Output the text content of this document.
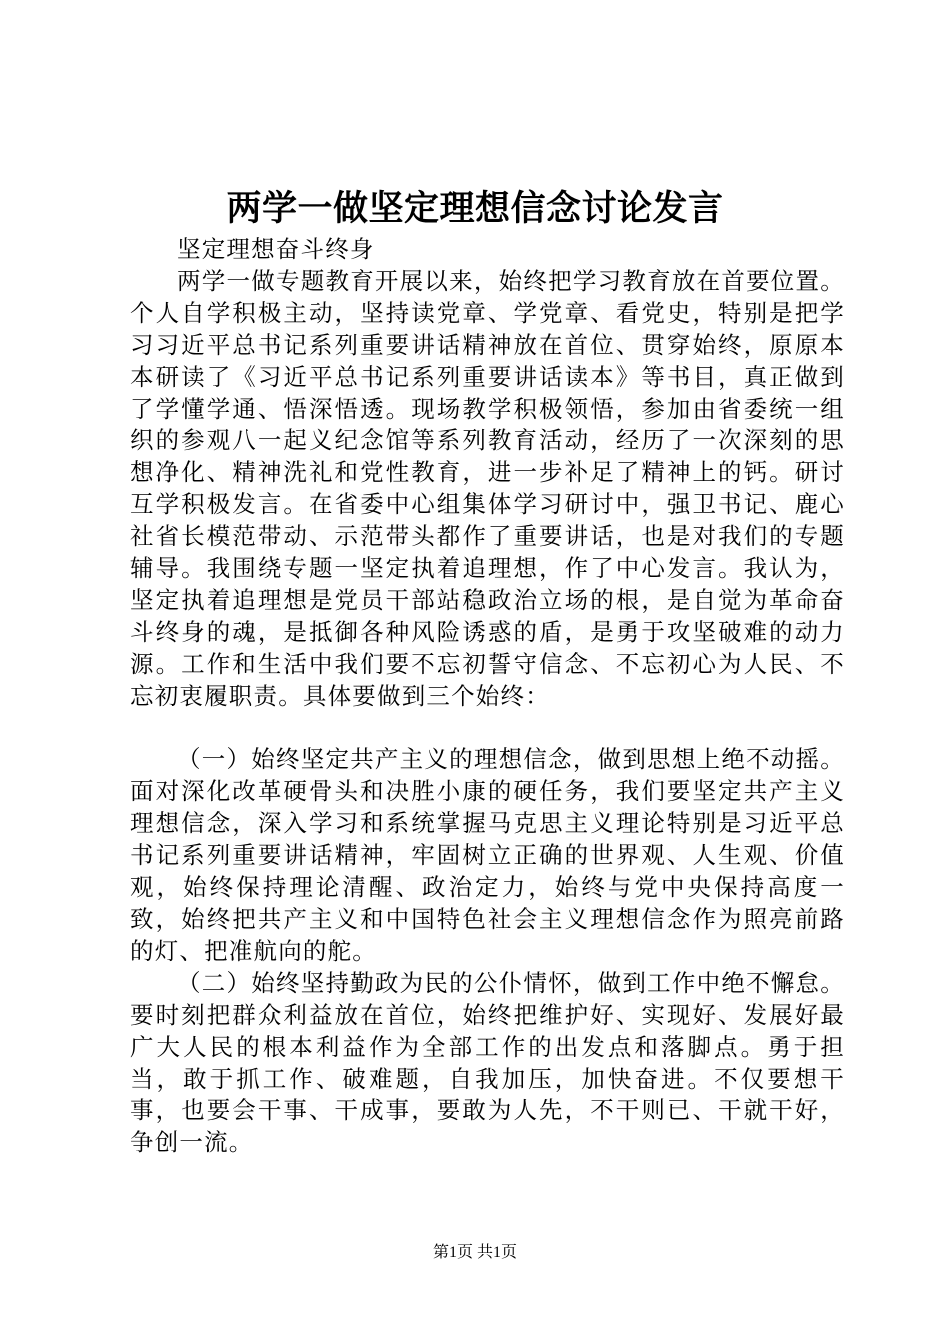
两学一做坚定理想信念讨论发言

坚定理想奋斗终身

两学一做专题教育开展以来，始终把学习教育放在首要位置。个人自学积极主动，坚持读党章、学党章、看党史，特别是把学习习近平总书记系列重要讲话精神放在首位、贯穿始终，原原本本研读了《习近平总书记系列重要讲话读本》等书目，真正做到了学懂学通、悟深悟透。现场教学积极领悟，参加由省委统一组织的参观八一起义纪念馆等系列教育活动，经历了一次深刻的思想净化、精神洗礼和党性教育，进一步补足了精神上的钙。研讨互学积极发言。在省委中心组集体学习研讨中，强卫书记、鹿心社省长模范带动、示范带头都作了重要讲话，也是对我们的专题辅导。我围绕专题一坚定执着追理想，作了中心发言。我认为，坚定执着追理想是党员干部站稳政治立场的根，是自觉为革命奋斗终身的魂，是抵御各种风险诱惑的盾，是勇于攻坚破难的动力源。工作和生活中我们要不忘初誓守信念、不忘初心为人民、不忘初衷履职责。具体要做到三个始终：

（一）始终坚定共产主义的理想信念，做到思想上绝不动摇。面对深化改革硬骨头和决胜小康的硬任务，我们要坚定共产主义理想信念，深入学习和系统掌握马克思主义理论特别是习近平总书记系列重要讲话精神，牢固树立正确的世界观、人生观、价值观，始终保持理论清醒、政治定力，始终与党中央保持高度一致，始终把共产主义和中国特色社会主义理想信念作为照亮前路的灯、把准航向的舵。

（二）始终坚持勤政为民的公仆情怀，做到工作中绝不懈怠。要时刻把群众利益放在首位，始终把维护好、实现好、发展好最广大人民的根本利益作为全部工作的出发点和落脚点。勇于担当，敢于抓工作、破难题，自我加压，加快奋进。不仅要想干事，也要会干事、干成事，要敢为人先，不干则已、干就干好，争创一流。

第1页 共1页
